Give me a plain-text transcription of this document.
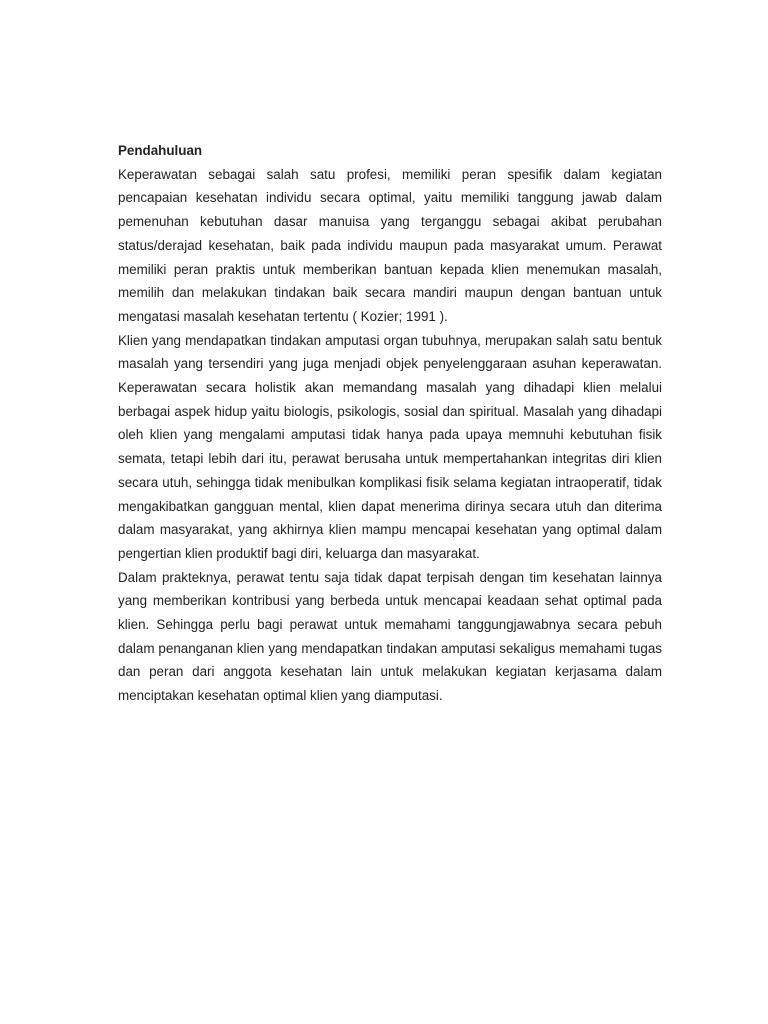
Pendahuluan

Keperawatan sebagai salah satu profesi, memiliki peran spesifik dalam kegiatan pencapaian kesehatan individu secara optimal, yaitu memiliki tanggung jawab dalam pemenuhan kebutuhan dasar manuisa yang terganggu sebagai akibat perubahan status/derajad kesehatan, baik pada individu maupun pada masyarakat umum. Perawat memiliki peran praktis untuk memberikan bantuan kepada klien menemukan masalah, memilih dan melakukan tindakan baik secara mandiri maupun dengan bantuan untuk mengatasi masalah kesehatan tertentu ( Kozier; 1991 ).

Klien yang mendapatkan tindakan amputasi organ tubuhnya, merupakan salah satu bentuk masalah yang tersendiri yang juga menjadi objek penyelenggaraan asuhan keperawatan. Keperawatan secara holistik akan memandang masalah yang dihadapi klien melalui berbagai aspek hidup yaitu biologis, psikologis, sosial dan spiritual. Masalah yang dihadapi oleh klien yang mengalami amputasi tidak hanya pada upaya memnuhi kebutuhan fisik semata, tetapi lebih dari itu, perawat berusaha untuk mempertahankan integritas diri klien secara utuh, sehingga tidak menibulkan komplikasi fisik selama kegiatan intraoperatif, tidak mengakibatkan gangguan mental, klien dapat menerima dirinya secara utuh dan diterima dalam masyarakat, yang akhirnya klien mampu mencapai kesehatan yang optimal dalam pengertian klien produktif bagi diri, keluarga dan masyarakat.

Dalam prakteknya, perawat tentu saja tidak dapat terpisah dengan tim kesehatan lainnya yang memberikan kontribusi yang berbeda untuk mencapai keadaan sehat optimal pada klien. Sehingga perlu bagi perawat untuk memahami tanggungjawabnya secara pebuh dalam penanganan klien yang mendapatkan tindakan amputasi sekaligus memahami tugas dan peran dari anggota kesehatan lain untuk melakukan kegiatan kerjasama dalam menciptakan kesehatan optimal klien yang diamputasi.
